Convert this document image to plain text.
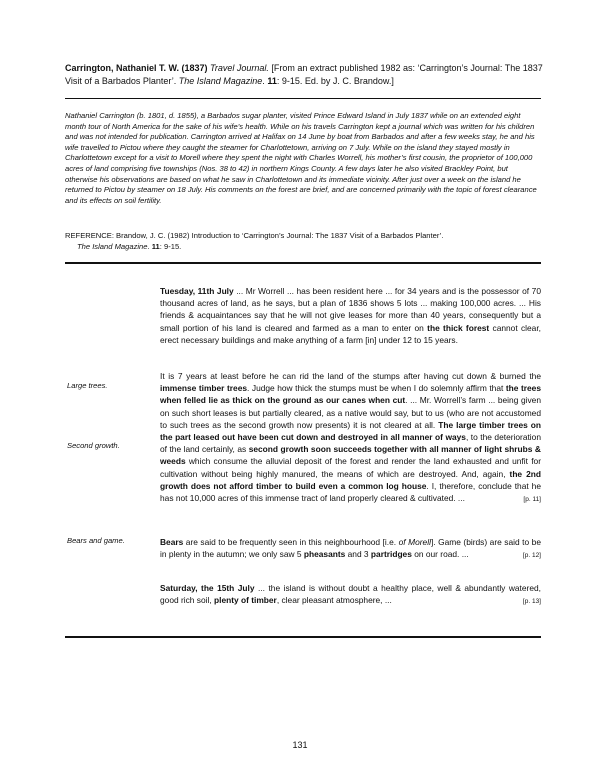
Carrington, Nathaniel T. W. (1837) Travel Journal. [From an extract published 1982 as: ‘Carrington’s Journal: The 1837 Visit of a Barbados Planter’. The Island Magazine. 11: 9-15. Ed. by J. C. Brandow.]
Nathaniel Carrington (b. 1801, d. 1855), a Barbados sugar planter, visited Prince Edward Island in July 1837 while on an extended eight month tour of North America for the sake of his wife’s health. While on his travels Carrington kept a journal which was written for his children and was not intended for publication. Carrington arrived at Halifax on 14 June by boat from Barbados and after a few weeks stay, he and his wife travelled to Pictou where they caught the steamer for Charlottetown, arriving on 7 July. While on the island they stayed mostly in Charlottetown except for a visit to Morell where they spent the night with Charles Worrell, his mother’s first cousin, the proprietor of 100,000 acres of land comprising five townships (Nos. 38 to 42) in northern Kings County. A few days later he also visited Brackley Point, but otherwise his observations are based on what he saw in Charlottetown and its immediate vicinity. After just over a week on the island he returned to Pictou by steamer on 18 July. His comments on the forest are brief, and are concerned primarily with the topic of forest clearance and its effects on soil fertility.
REFERENCE: Brandow, J. C. (1982) Introduction to ‘Carrington’s Journal: The 1837 Visit of a Barbados Planter’.
The Island Magazine. 11: 9-15.
Tuesday, 11th July ... Mr Worrell ... has been resident here ... for 34 years and is the possessor of 70 thousand acres of land, as he says, but a plan of 1836 shows 5 lots ... making 100,000 acres. ... His friends & acquaintances say that he will not give leases for more than 40 years, consequently but a small portion of his land is cleared and farmed as a man to enter on the thick forest cannot clear, erect necessary buildings and make anything of a farm [in] under 12 to 15 years.
Large trees.
Second growth.
Bears and game.
It is 7 years at least before he can rid the land of the stumps after having cut down & burned the immense timber trees. Judge how thick the stumps must be when I do solemnly affirm that the trees when felled lie as thick on the ground as our canes when cut. ... Mr. Worrell’s farm ... being given on such short leases is but partially cleared, as a native would say, but to us (who are not accustomed to such trees as the second growth now presents) it is not cleared at all. The large timber trees on the part leased out have been cut down and destroyed in all manner of ways, to the deterioration of the land certainly, as second growth soon succeeds together with all manner of light shrubs & weeds which consume the alluvial deposit of the forest and render the land exhausted and unfit for cultivation without being highly manured, the means of which are destroyed. And, again, the 2nd growth does not afford timber to build even a common log house. I, therefore, conclude that he has not 10,000 acres of this immense tract of land properly cleared & cultivated. ...	[p. 11]
Bears are said to be frequently seen in this neighbourhood [i.e. of Morell]. Game (birds) are said to be in plenty in the autumn; we only saw 5 pheasants and 3 partridges on our road. ...	[p. 12]
Saturday, the 15th July ... the island is without doubt a healthy place, well & abundantly watered, good rich soil, plenty of timber, clear pleasant atmosphere, ...	[p. 13]
131
